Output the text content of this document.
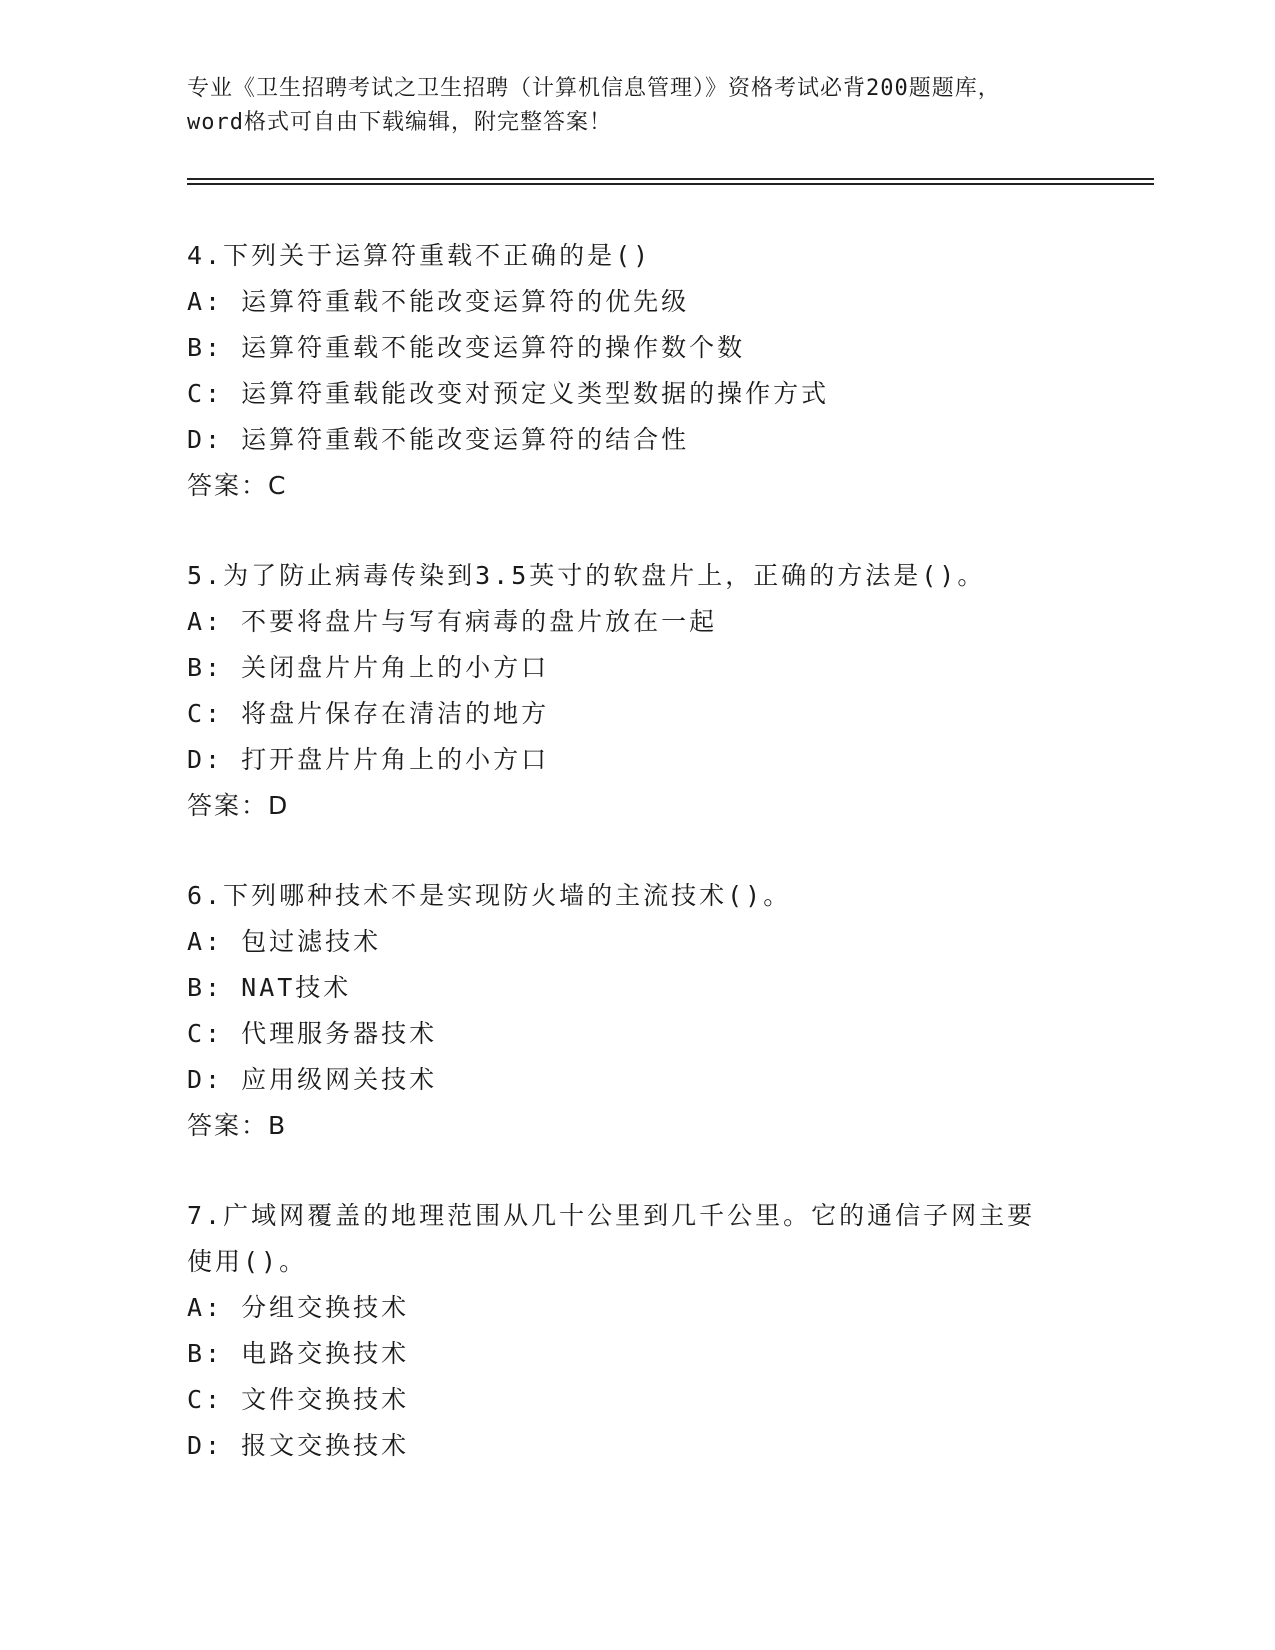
专业《卫生招聘考试之卫生招聘（计算机信息管理）》资格考试必背200题题库，
word格式可自由下载编辑，附完整答案！
4.下列关于运算符重载不正确的是()
A: 运算符重载不能改变运算符的优先级
B: 运算符重载不能改变运算符的操作数个数
C: 运算符重载能改变对预定义类型数据的操作方式
D: 运算符重载不能改变运算符的结合性
答案：C
5.为了防止病毒传染到3.5英寸的软盘片上，正确的方法是()。
A: 不要将盘片与写有病毒的盘片放在一起
B: 关闭盘片片角上的小方口
C: 将盘片保存在清洁的地方
D: 打开盘片片角上的小方口
答案：D
6.下列哪种技术不是实现防火墙的主流技术()。
A: 包过滤技术
B: NAT技术
C: 代理服务器技术
D: 应用级网关技术
答案：B
7.广域网覆盖的地理范围从几十公里到几千公里。它的通信子网主要
使用()。
A: 分组交换技术
B: 电路交换技术
C: 文件交换技术
D: 报文交换技术
